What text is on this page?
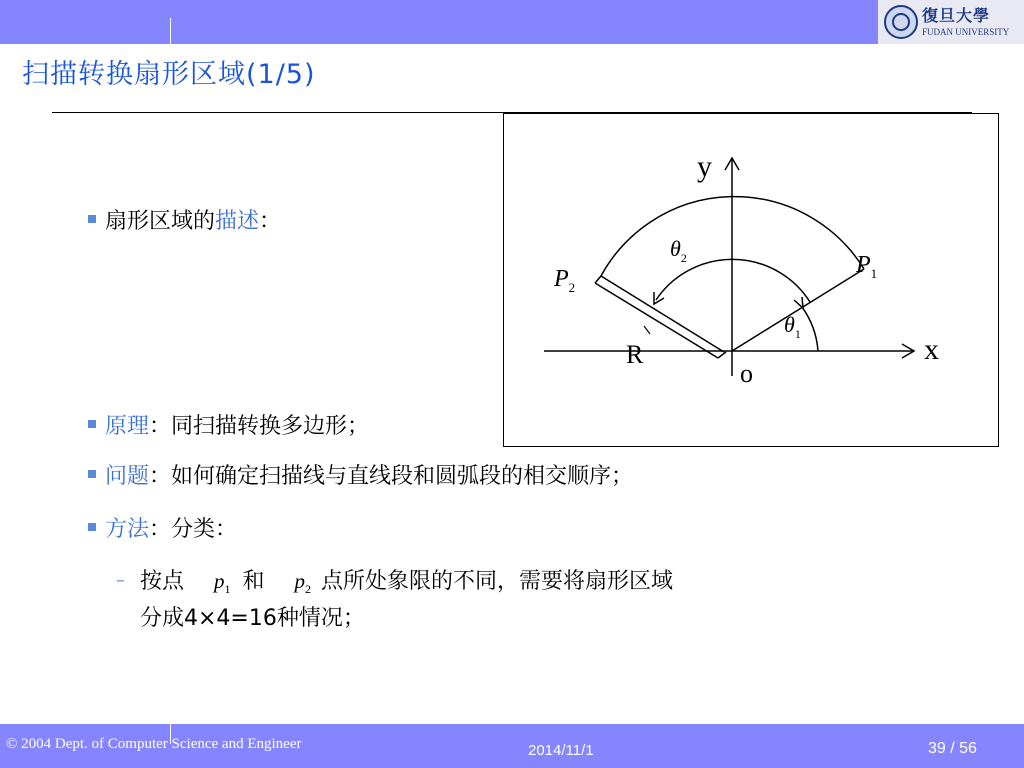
復旦大學
FUDAN UNIVERSITY
扫描转换扇形区域(1/5)
扇形区域的描述：
原理：同扫描转换多边形；
问题：如何确定扫描线与直线段和圆弧段的相交顺序；
方法：分类：
– 按点 $p_1$ 和 $p_2$ 点所处象限的不同，需要将扇形区域
分成4×4=16种情况；
y
x
o
R
$P_1$
$P_2$
$\theta_2$
$\theta_1$
© 2004 Dept. of Computer Science and Engineer	2014/11/1	39 / 56
